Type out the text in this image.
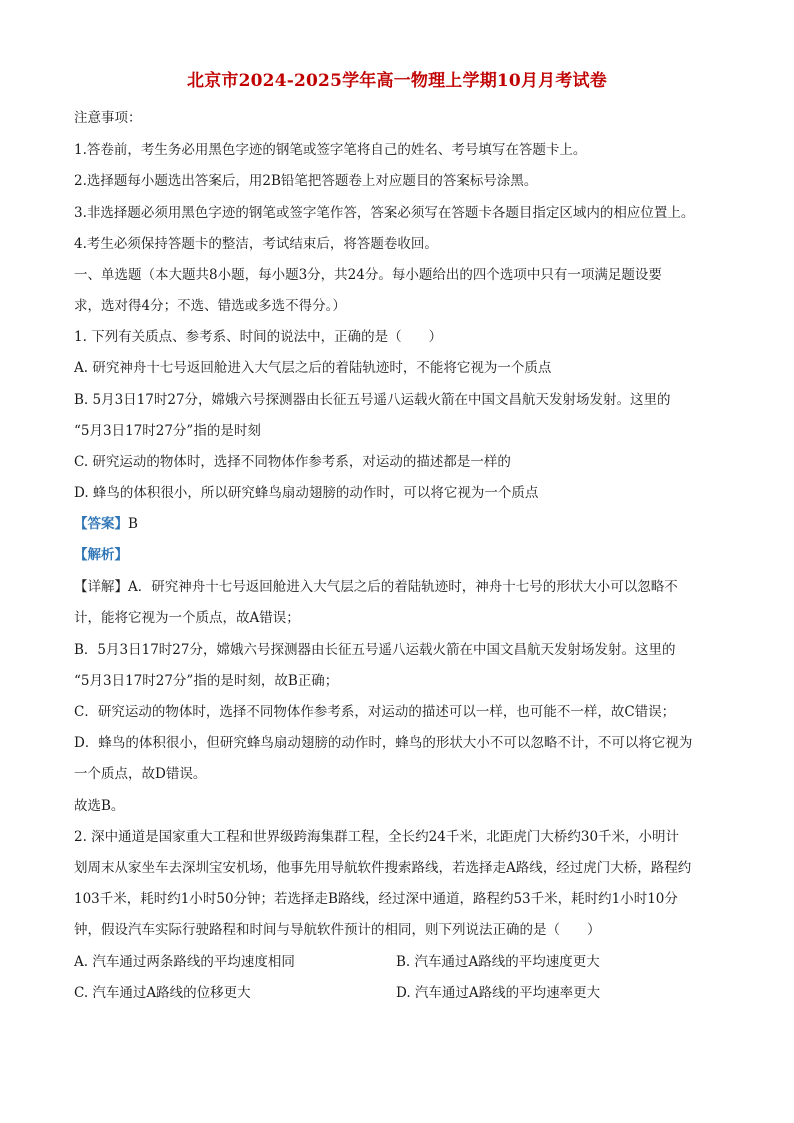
北京市2024-2025学年高一物理上学期10月月考试卷
注意事项：
1.答卷前，考生务必用黑色字迹的钢笔或签字笔将自己的姓名、考号填写在答题卡上。
2.选择题每小题选出答案后，用2B铅笔把答题卷上对应题目的答案标号涂黑。
3.非选择题必须用黑色字迹的钢笔或签字笔作答，答案必须写在答题卡各题目指定区域内的相应位置上。
4.考生必须保持答题卡的整洁，考试结束后，将答题卷收回。
一、单选题（本大题共8小题，每小题3分，共24分。每小题给出的四个选项中只有一项满足题设要
求，选对得4分；不选、错选或多选不得分。）
1. 下列有关质点、参考系、时间的说法中，正确的是（　　）
A. 研究神舟十七号返回舱进入大气层之后的着陆轨迹时，不能将它视为一个质点
B. 5月3日17时27分，嫦娥六号探测器由长征五号遥八运载火箭在中国文昌航天发射场发射。这里的
“5月3日17时27分”指的是时刻
C. 研究运动的物体时，选择不同物体作参考系，对运动的描述都是一样的
D. 蜂鸟的体积很小，所以研究蜂鸟扇动翅膀的动作时，可以将它视为一个质点
【答案】B
【解析】
【详解】A．研究神舟十七号返回舱进入大气层之后的着陆轨迹时，神舟十七号的形状大小可以忽略不
计，能将它视为一个质点，故A错误；
B．5月3日17时27分，嫦娥六号探测器由长征五号遥八运载火箭在中国文昌航天发射场发射。这里的
“5月3日17时27分”指的是时刻，故B正确；
C．研究运动的物体时，选择不同物体作参考系，对运动的描述可以一样，也可能不一样，故C错误；
D．蜂鸟的体积很小，但研究蜂鸟扇动翅膀的动作时，蜂鸟的形状大小不可以忽略不计，不可以将它视为
一个质点，故D错误。
故选B。
2. 深中通道是国家重大工程和世界级跨海集群工程，全长约24千米，北距虎门大桥约30千米，小明计
划周末从家坐车去深圳宝安机场，他事先用导航软件搜索路线，若选择走A路线，经过虎门大桥，路程约
103千米，耗时约1小时50分钟；若选择走B路线，经过深中通道，路程约53千米，耗时约1小时10分
钟，假设汽车实际行驶路程和时间与导航软件预计的相同，则下列说法正确的是（　　）
A. 汽车通过两条路线的平均速度相同	B. 汽车通过A路线的平均速度更大
C. 汽车通过A路线的位移更大	D. 汽车通过A路线的平均速率更大
